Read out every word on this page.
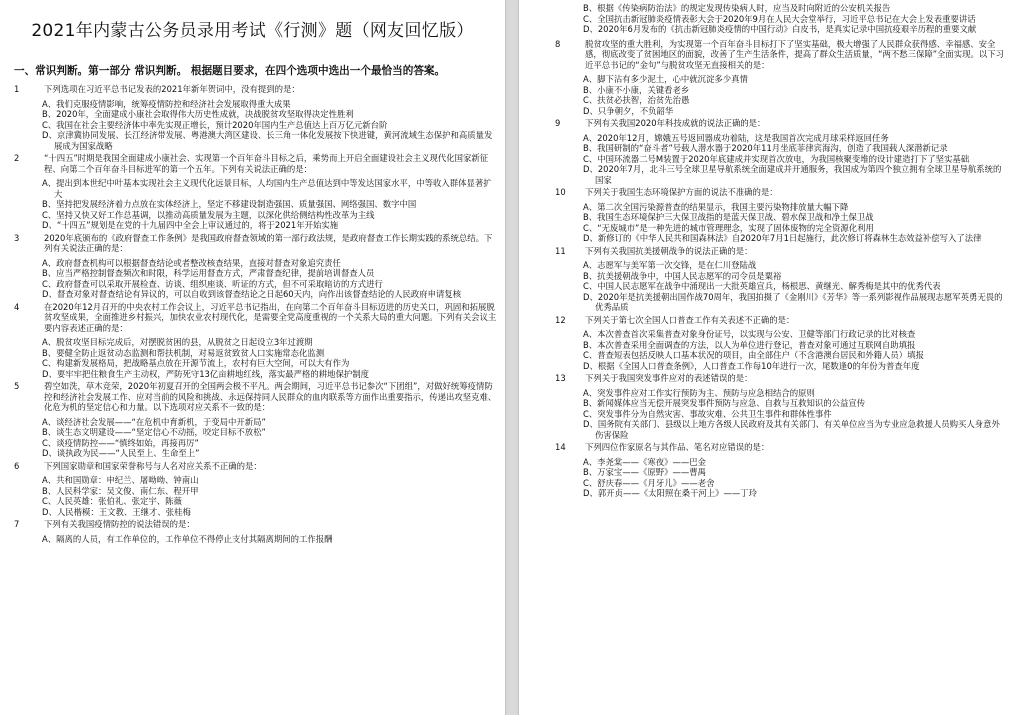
2021年内蒙古公务员录用考试《行测》题（网友回忆版）
一、常识判断。第一部分 常识判断。 根据题目要求，在四个选项中选出一个最恰当的答案。
1	下列选项在习近平总书记发表的2021年新年贺词中，没有提到的是：
A、我们克服疫情影响，统筹疫情防控和经济社会发展取得重大成果
B、2020年，全面建成小康社会取得伟大历史性成就，决战脱贫攻坚取得决定性胜利
C、我国在社会主要经济体中率先实现正增长，预计2020年国内生产总值达上百万亿元新台阶
D、京津冀协同发展、长江经济带发展、粤港澳大湾区建设、长三角一体化发展按下快进键，黄河流域生态保护和高质量发展成为国家战略
2	“十四五”时期是我国全面建成小康社会、实现第一个百年奋斗目标之后，乘势而上开启全面建设社会主义现代化国家新征程、向第二个百年奋斗目标进军的第一个五年。下列有关说法正确的是：
A、提出到本世纪中叶基本实现社会主义现代化远景目标，人均国内生产总值达到中等发达国家水平，中等收入群体显著扩大
B、坚持把发展经济着力点放在实体经济上，坚定不移建设制造强国、质量强国、网络强国、数字中国
C、坚持又快又好工作总基调，以推动高质量发展为主题，以深化供给侧结构性改革为主线
D、“十四五”规划是在党的十九届四中全会上审议通过的，将于2021年开始实施
3	2020年底颁布的《政府督查工作条例》是我国政府督查领域的第一部行政法规，是政府督查工作长期实践的系统总结。下列有关说法正确的是：
A、政府督查机构可以根据督查结论或者整改核查结果，直接对督查对象追究责任
B、应当严格控制督查频次和时限，科学运用督查方式，严肃督查纪律，提前培训督查人员
C、政府督查可以采取开展检查、访谈、组织座谈、听证的方式，但不可采取暗访的方式进行
D、督查对象对督查结论有异议的，可以自收到该督查结论之日起60天内，向作出该督查结论的人民政府申请复核
4	在2020年12月召开的中央农村工作会议上，习近平总书记指出，在向第二个百年奋斗目标迈进的历史关口，巩固和拓展脱贫攻坚成果，全面推进乡村振兴，加快农业农村现代化，是需要全党高度重视的一个关系大局的重大问题。下列有关会议主要内容表述正确的是：
A、脱贫攻坚目标完成后，对摆脱贫困的县，从脱贫之日起设立3年过渡期
B、要健全防止返贫动态监测和帮扶机制，对易返贫致贫人口实施常态化监测
C、构建新发展格局，把战略基点放在开源节流上，农村有巨大空间，可以大有作为
D、要牢牢把住粮食生产主动权，严防死守13亿亩耕地红线，落实最严格的耕地保护制度
5	碧空如洗，草木竞荣，2020年初夏召开的全国两会极不平凡。两会期间，习近平总书记参次“下团组”，对做好统筹疫情防控和经济社会发展工作、应对当前的风险和挑战、永远保持同人民群众的血肉联系等方面作出重要指示，传递出攻坚克难、化危为机的坚定信心和力量。以下选项对应关系不一致的是：
A、谈经济社会发展——“在危机中育新机，于变局中开新局”
B、谈生态文明建设——“坚定信心不动摇，咬定目标不放松”
C、谈疫情防控——“慎终如始，再接再厉”
D、谈执政为民——“人民至上、生命至上”
6	下列国家勋章和国家荣誉称号与人名对应关系不正确的是：
A、共和国勋章：申纪兰、屠呦呦、钟南山
B、人民科学家：吴文俊、南仁东、程开甲
C、人民英雄：张伯礼、张定宇、陈薇
D、人民楷模：王文教、王继才、张桂梅
7	下列有关我国疫情防控的说法错误的是：
A、隔离的人员，有工作单位的，工作单位不得停止支付其隔离期间的工作报酬
B、根据《传染病防治法》的规定发现传染病人时，应当及时向附近的公安机关报告
C、全国抗击新冠肺炎疫情表彰大会于2020年9月在人民大会堂举行，习近平总书记在大会上发表重要讲话
D、2020年6月发布的《抗击新冠肺炎疫情的中国行动》白皮书，是真实记录中国抗疫艰辛历程的重要文献
8	脱贫攻坚的重大胜利，为实现第一个百年奋斗目标打下了坚实基础，极大增强了人民群众获得感、幸福感、安全感，彻底改变了贫困地区的面貌，改善了生产生活条件，提高了群众生活质量，“两不愁三保障”全面实现。以下习近平总书记的“金句”与脱贫攻坚无直接相关的是：
A、脚下沾有多少泥土，心中就沉淀多少真情
B、小康不小康，关键看老乡
C、扶贫必扶智，治贫先治愚
D、只争朝夕，不负韶华
9	下列有关我国2020年科技成就的说法正确的是：
A、2020年12月，嫦娥五号返回器成功着陆，这是我国首次完成月球采样返回任务
B、我国研制的“奋斗者”号载人潜水器于2020年11月坐底菲律宾海沟，创造了我国载人深潜新记录
C、中国环流器二号M装置于2020年底建成并实现首次放电，为我国核聚变堆的设计建造打下了坚实基础
D、2020年7月，北斗三号全球卫星导航系统全面建成并开通服务，我国成为第四个独立拥有全球卫星导航系统的国家
10 下列关于我国生态环境保护方面的说法不准确的是：
A、第二次全国污染源普查的结果显示，我国主要污染物排放量大幅下降
B、我国生态环境保护三大保卫战指的是蓝天保卫战、碧水保卫战和净土保卫战
C、“无废城市”是一种先进的城市管理理念，实现了固体废物的完全资源化利用
D、新修订的《中华人民共和国森林法》自2020年7月1日起施行，此次修订将森林生态效益补偿写入了法律
11 下列有关我国抗美援朝战争的说法正确的是：
A、志愿军与美军第一次交锋，是在仁川登陆战
B、抗美援朝战争中，中国人民志愿军的司令员是粟裕
C、中国人民志愿军在战争中涌现出一大批英雄宣兵，杨根思、黄继光、解秀梅是其中的优秀代表
D、2020年是抗美援朝出国作战70周年，我国拍摄了《金刚川》《芳华》等一系列影视作品展现志愿军英勇无畏的优秀品质
12 下列关于第七次全国人口普查工作有关表述不正确的是：
A、本次普查首次采集普查对象身份证号，以实现与公安、卫健等部门行政记录的比对核查
B、本次普查采用全面调查的方法，以人为单位进行登记，普查对象可通过互联网自助填报
C、普查短表包括反映人口基本状况的项目，由全部住户（不含港澳台居民和外籍人员）填报
D、根据《全国人口普查条例》，人口普查工作每10年进行一次，尾数逢0的年份为普查年度
13 下列关于我国突发事件应对的表述错误的是：
A、突发事件应对工作实行预防为主、预防与应急相结合的原则
B、新闻媒体应当无偿开展突发事件预防与应急、自救与互救知识的公益宣传
C、突发事件分为自然灾害、事故灾难、公共卫生事件和群体性事件
D、国务院有关部门、县级以上地方各级人民政府及其有关部门、有关单位应当为专业应急救援人员购买人身意外伤害保险
14 下列四位作家原名与其作品、笔名对应错误的是：
A、李尧棠——《寒夜》——巴金
B、万家宝——《原野》——曹禺
C、舒庆春——《月牙儿》——老舍
D、郭开贞——《太阳照在桑干河上》——丁玲
